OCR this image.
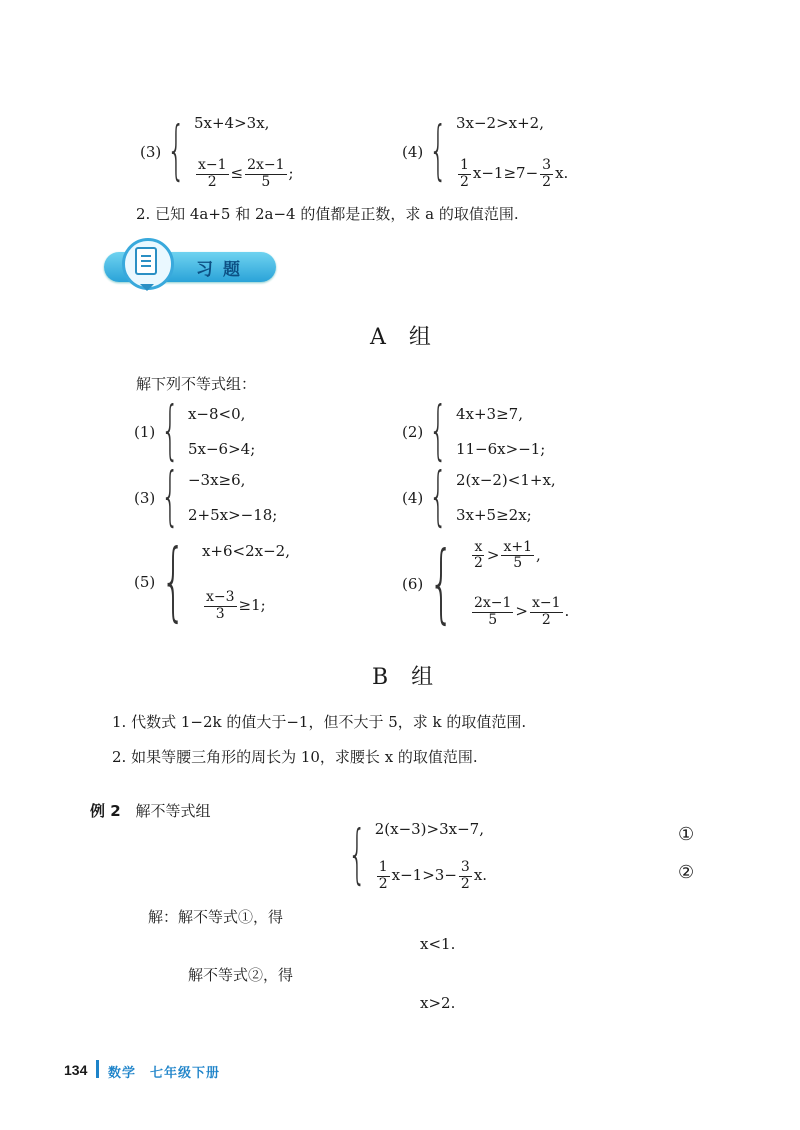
(3) { 5x+4>3x,
$\frac{x-1}{2} \le \frac{2x-1}{5}$ ;
(4) { 3x−2>x+2,
$\frac{1}{2} x-1\ge 7- \frac{3}{2} x$.
2. 已知 4a+5 和 2a−4 的值都是正数，求 a 的取值范围.
习题
A 组
解下列不等式组：
(1) { x−8<0,
5x−6>4;
(2) { 4x+3≥7,
11−6x>−1;
(3) { −3x≥6,
2+5x>−18;
(4) { 2(x−2)<1+x,
3x+5≥2x;
(5) { x+6<2x−2,
$\frac{x-3}{3} \ge 1$;
(6) { $\frac{x}{2} > \frac{x+1}{5}$ ,
$\frac{2x-1}{5} > \frac{x-1}{2}$ .
B 组
1. 代数式 1−2k 的值大于−1，但不大于 5，求 k 的取值范围.
2. 如果等腰三角形的周长为 10，求腰长 x 的取值范围.
例 2 解不等式组
{ 2(x−3)>3x−7,
$\frac{1}{2} x-1>3- \frac{3}{2} x$.
①
②
解：解不等式①，得
x<1.
解不等式②，得
x>2.
134 数学　七年级下册
